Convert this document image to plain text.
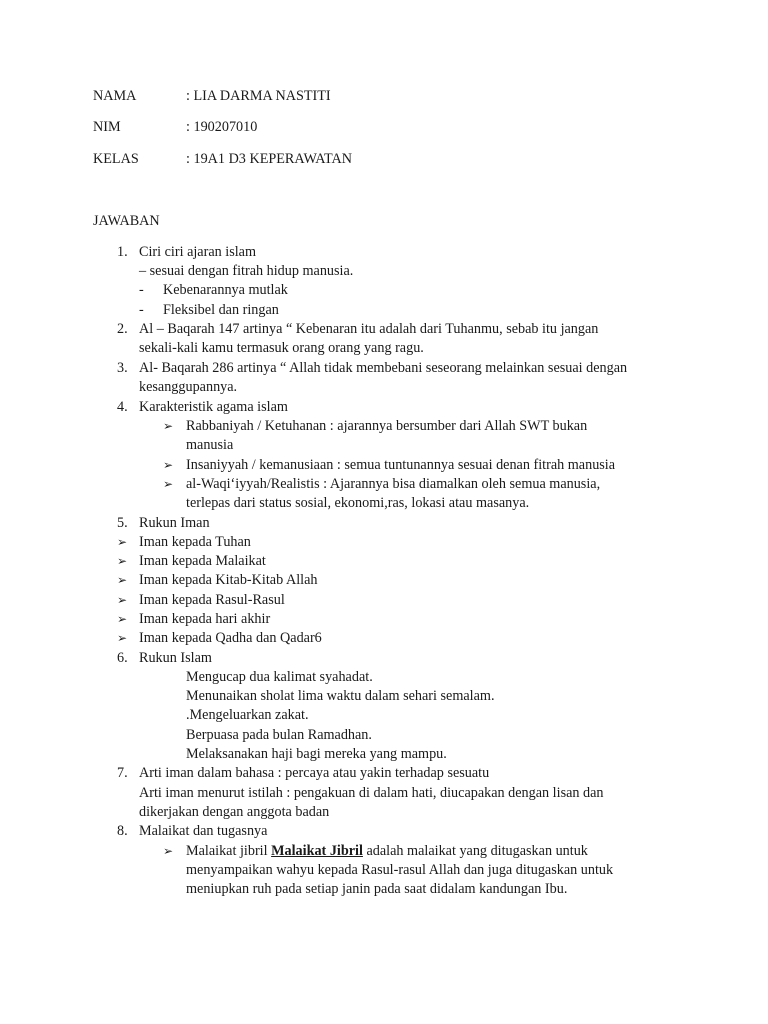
NAMA	: LIA DARMA NASTITI
NIM	: 190207010
KELAS	: 19A1 D3 KEPERAWATAN
JAWABAN
1. Ciri ciri ajaran islam
– sesuai dengan fitrah hidup manusia.
- Kebenarannya mutlak
- Fleksibel dan ringan
2. Al – Baqarah 147 artinya “ Kebenaran itu adalah dari Tuhanmu, sebab itu jangan
sekali-kali kamu termasuk orang orang yang ragu.
3. Al- Baqarah 286 artinya “ Allah tidak membebani seseorang melainkan sesuai dengan
kesanggupannya.
4. Karakteristik agama islam
➢ Rabbaniyah / Ketuhanan : ajarannya bersumber dari Allah SWT bukan
manusia
➢ Insaniyyah / kemanusiaan : semua tuntunannya sesuai denan fitrah manusia
➢ al-Waqi‘iyyah/Realistis : Ajarannya bisa diamalkan oleh semua manusia,
terlepas dari status sosial, ekonomi,ras, lokasi atau masanya.
5. Rukun Iman
➢ Iman kepada Tuhan
➢ Iman kepada Malaikat
➢ Iman kepada Kitab-Kitab Allah
➢ Iman kepada Rasul-Rasul
➢ Iman kepada hari akhir
➢ Iman kepada Qadha dan Qadar6
6. Rukun Islam
Mengucap dua kalimat syahadat.
Menunaikan sholat lima waktu dalam sehari semalam.
.Mengeluarkan zakat.
Berpuasa pada bulan Ramadhan.
Melaksanakan haji bagi mereka yang mampu.
7. Arti iman dalam bahasa : percaya atau yakin terhadap sesuatu
Arti iman menurut istilah : pengakuan di dalam hati, diucapakan dengan lisan dan
dikerjakan dengan anggota badan
8. Malaikat dan tugasnya
➢ Malaikat jibril Malaikat Jibril adalah malaikat yang ditugaskan untuk
menyampaikan wahyu kepada Rasul-rasul Allah dan juga ditugaskan untuk
meniupkan ruh pada setiap janin pada saat didalam kandungan Ibu.
